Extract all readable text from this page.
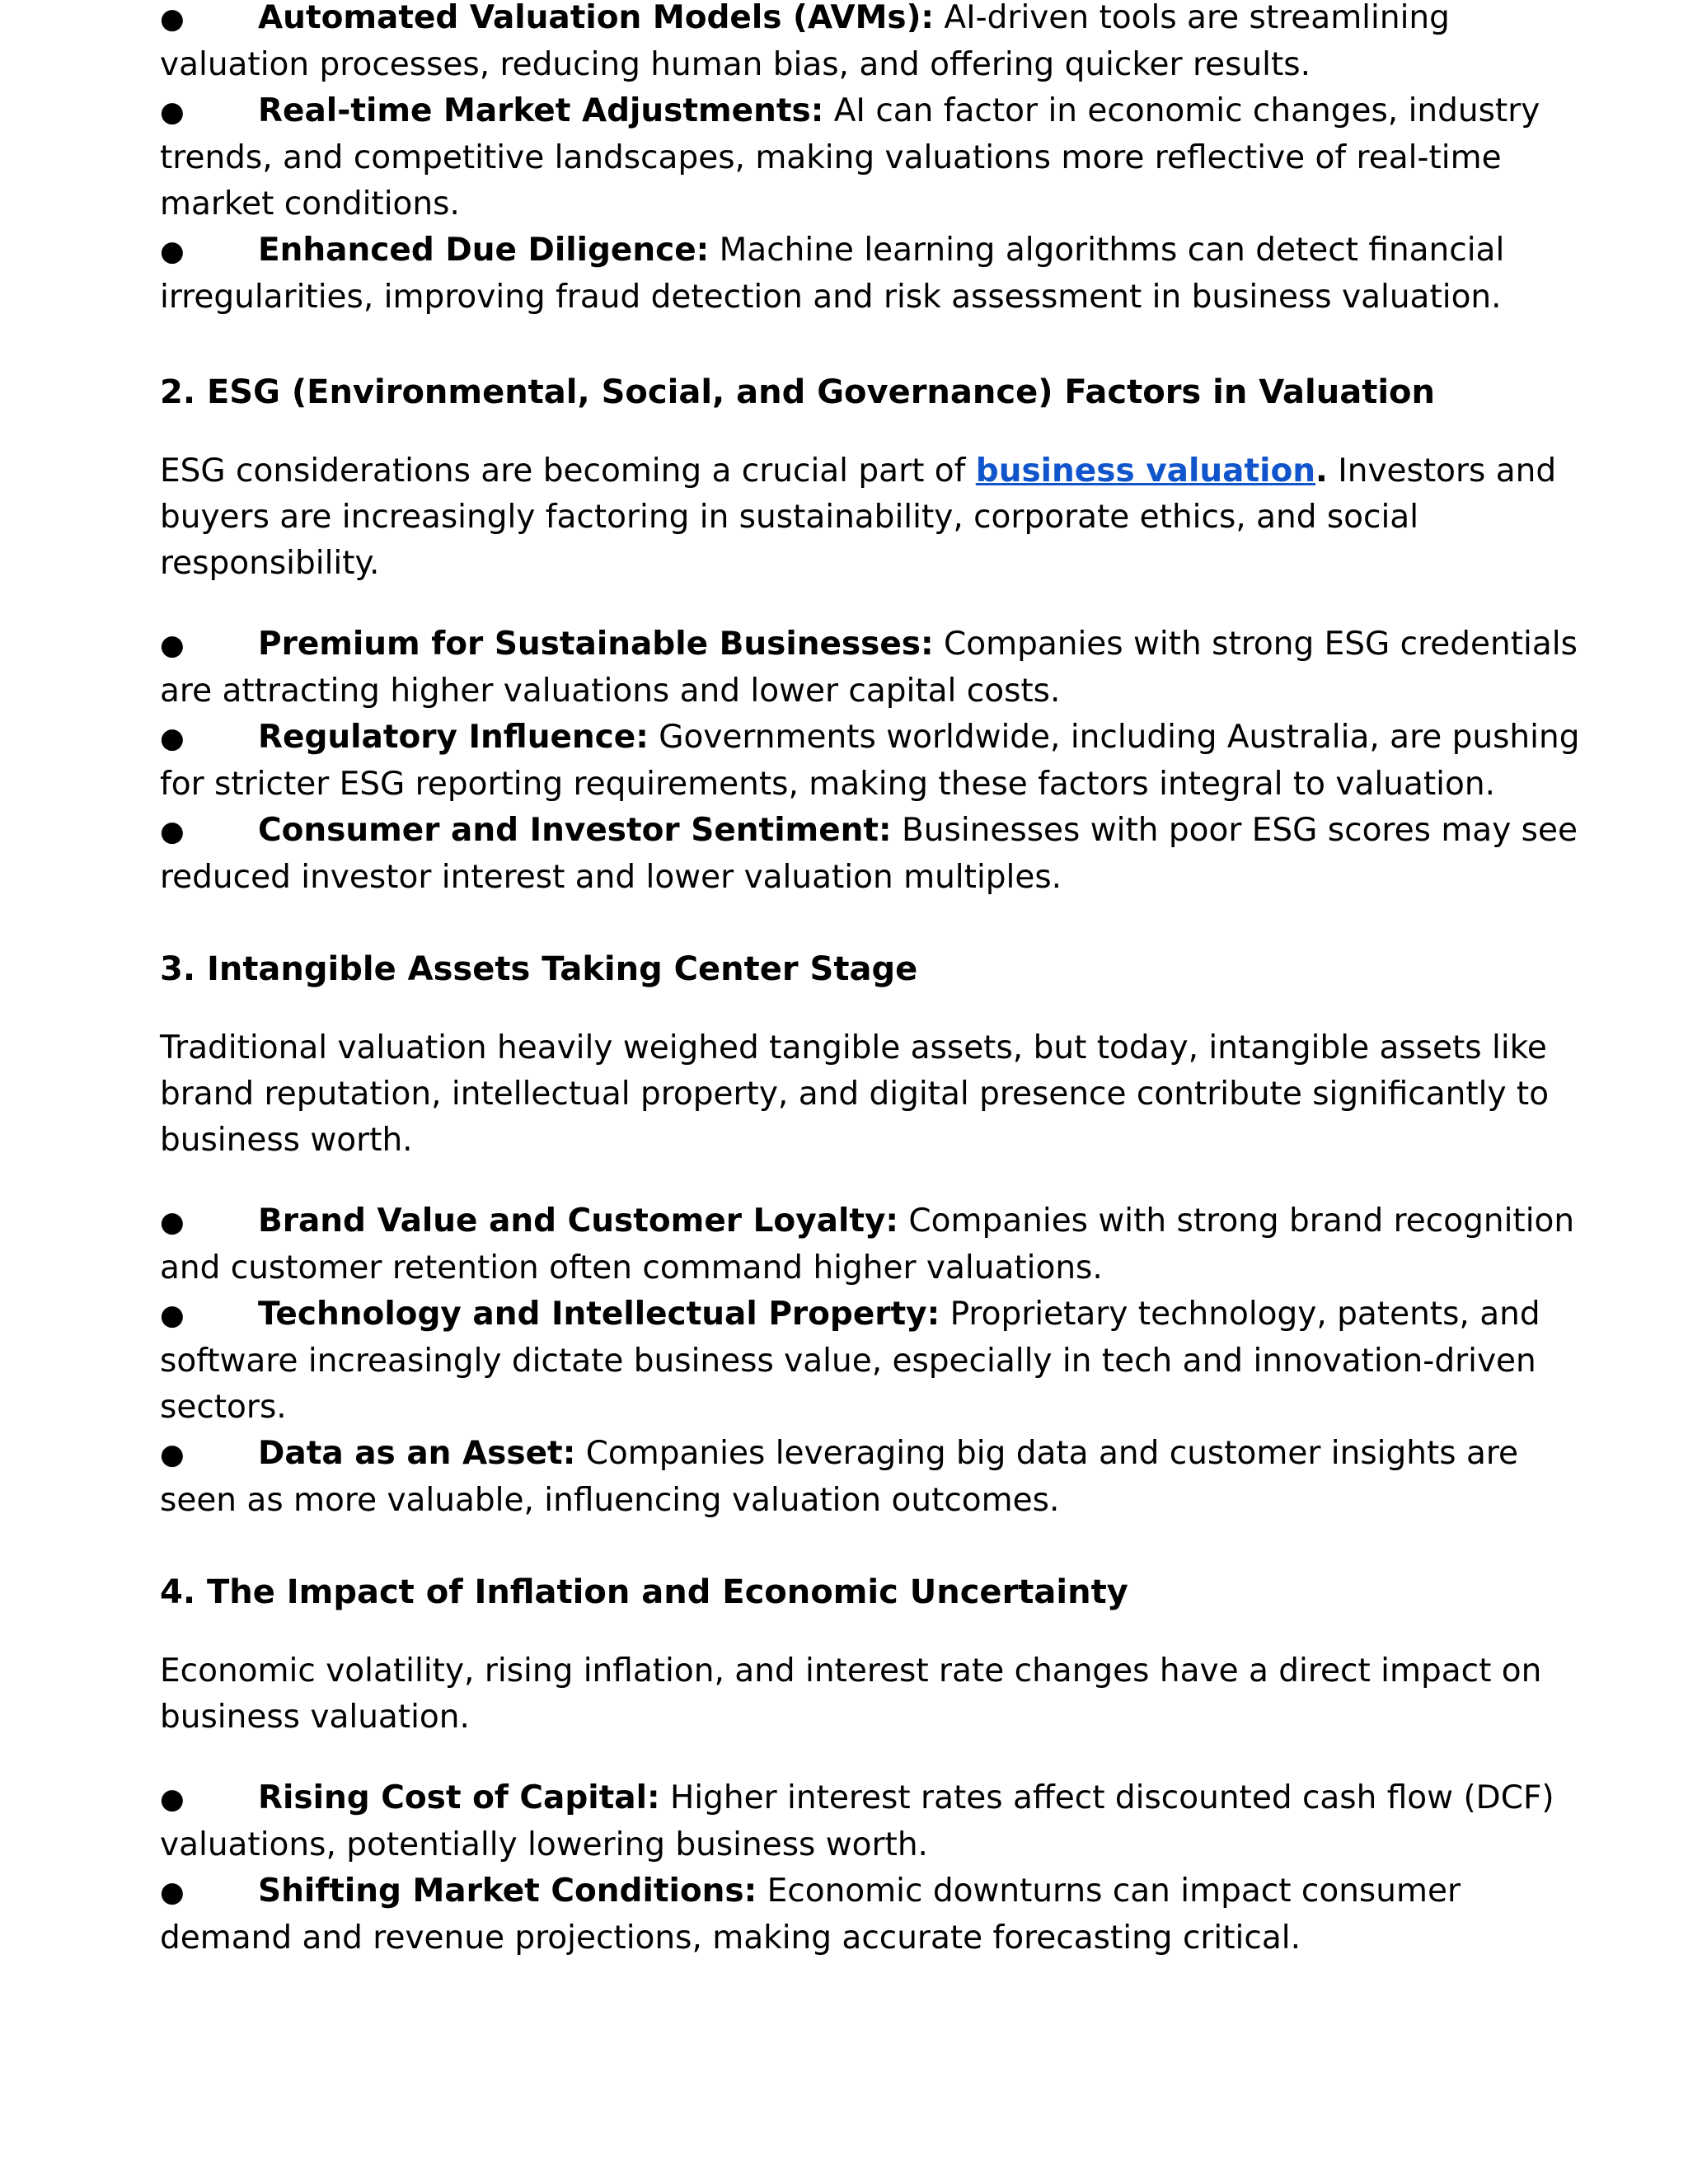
● Automated Valuation Models (AVMs): AI-driven tools are streamlining valuation processes, reducing human bias, and offering quicker results.

● Real-time Market Adjustments: AI can factor in economic changes, industry trends, and competitive landscapes, making valuations more reflective of real-time market conditions.

● Enhanced Due Diligence: Machine learning algorithms can detect financial irregularities, improving fraud detection and risk assessment in business valuation.

2. ESG (Environmental, Social, and Governance) Factors in Valuation

ESG considerations are becoming a crucial part of business valuation. Investors and buyers are increasingly factoring in sustainability, corporate ethics, and social responsibility.

● Premium for Sustainable Businesses: Companies with strong ESG credentials are attracting higher valuations and lower capital costs.

● Regulatory Influence: Governments worldwide, including Australia, are pushing for stricter ESG reporting requirements, making these factors integral to valuation.

● Consumer and Investor Sentiment: Businesses with poor ESG scores may see reduced investor interest and lower valuation multiples.

3. Intangible Assets Taking Center Stage

Traditional valuation heavily weighed tangible assets, but today, intangible assets like brand reputation, intellectual property, and digital presence contribute significantly to business worth.

● Brand Value and Customer Loyalty: Companies with strong brand recognition and customer retention often command higher valuations.

● Technology and Intellectual Property: Proprietary technology, patents, and software increasingly dictate business value, especially in tech and innovation-driven sectors.

● Data as an Asset: Companies leveraging big data and customer insights are seen as more valuable, influencing valuation outcomes.

4. The Impact of Inflation and Economic Uncertainty

Economic volatility, rising inflation, and interest rate changes have a direct impact on business valuation.

● Rising Cost of Capital: Higher interest rates affect discounted cash flow (DCF) valuations, potentially lowering business worth.

● Shifting Market Conditions: Economic downturns can impact consumer demand and revenue projections, making accurate forecasting critical.
